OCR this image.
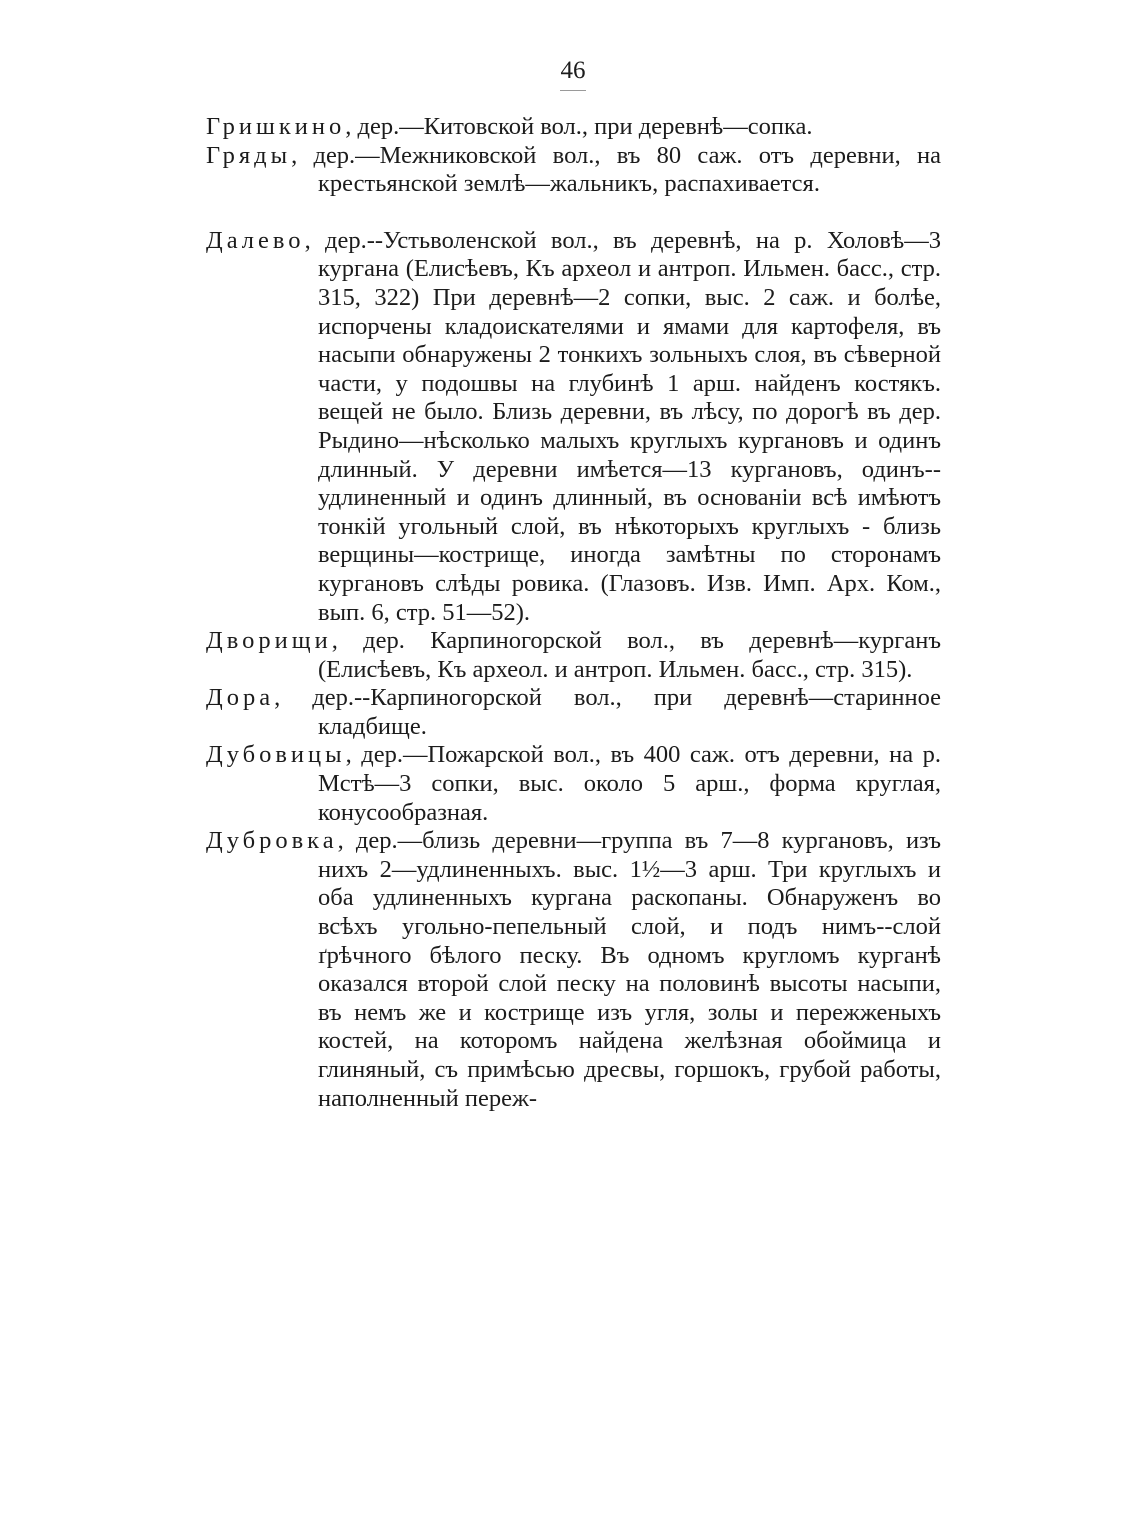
46

Гришкино, дер.—Китовской вол., при деревнѣ—сопка.

Гряды, дер.—Межниковской вол., въ 80 саж. отъ деревни, на крестьянской землѣ—жальникъ, распахивается.

Далево, дер.--Устьволенской вол., въ деревнѣ, на р. Холовѣ—3 кургана (Елисѣевъ, Къ археол и антроп. Ильмен. басс., стр. 315, 322) При деревнѣ—2 сопки, выс. 2 саж. и болѣе, испорчены кладоискателями и ямами для картофеля, въ насыпи обнаружены 2 тонкихъ зольныхъ слоя, въ сѣверной части, у подошвы на глубинѣ 1 арш. найденъ костякъ. вещей не было. Близь деревни, въ лѣсу, по дорогѣ въ дер. Рыдино—нѣсколько малыхъ круглыхъ кургановъ и одинъ длинный. У деревни имѣется—13 кургановъ, одинъ--удлиненный и одинъ длинный, въ основаніи всѣ имѣютъ тонкій угольный слой, въ нѣкоторыхъ круглыхъ - близь верщины—кострище, иногда замѣтны по сторонамъ кургановъ слѣды ровика. (Глазовъ. Изв. Имп. Арх. Ком., вып. 6, стр. 51—52).

Дворищи, дер. Карпиногорской вол., въ деревнѣ—курганъ (Елисѣевъ, Къ археол. и антроп. Ильмен. басс., стр. 315).

Дора, дер.--Карпиногорской вол., при деревнѣ—старинное кладбище.

Дубовицы, дер.—Пожарской вол., въ 400 саж. отъ деревни, на р. Мстѣ—3 сопки, выс. около 5 арш., форма круглая, конусообразная.

Дубровка, дер.—близь деревни—группа въ 7—8 кургановъ, изъ нихъ 2—удлиненныхъ. выс. 1½—3 арш. Три круглыхъ и оба удлиненныхъ кургана раскопаны. Обнаруженъ во всѣхъ угольно-пепельный слой, и подъ нимъ--слой ґрѣчного бѣлого песку. Въ одномъ кругломъ курганѣ оказался второй слой песку на половинѣ высоты насыпи, въ немъ же и кострище изъ угля, золы и пережженыхъ костей, на которомъ найдена желѣзная обоймица и глиняный, съ примѣсью дресвы, горшокъ, грубой работы, наполненный переж-
